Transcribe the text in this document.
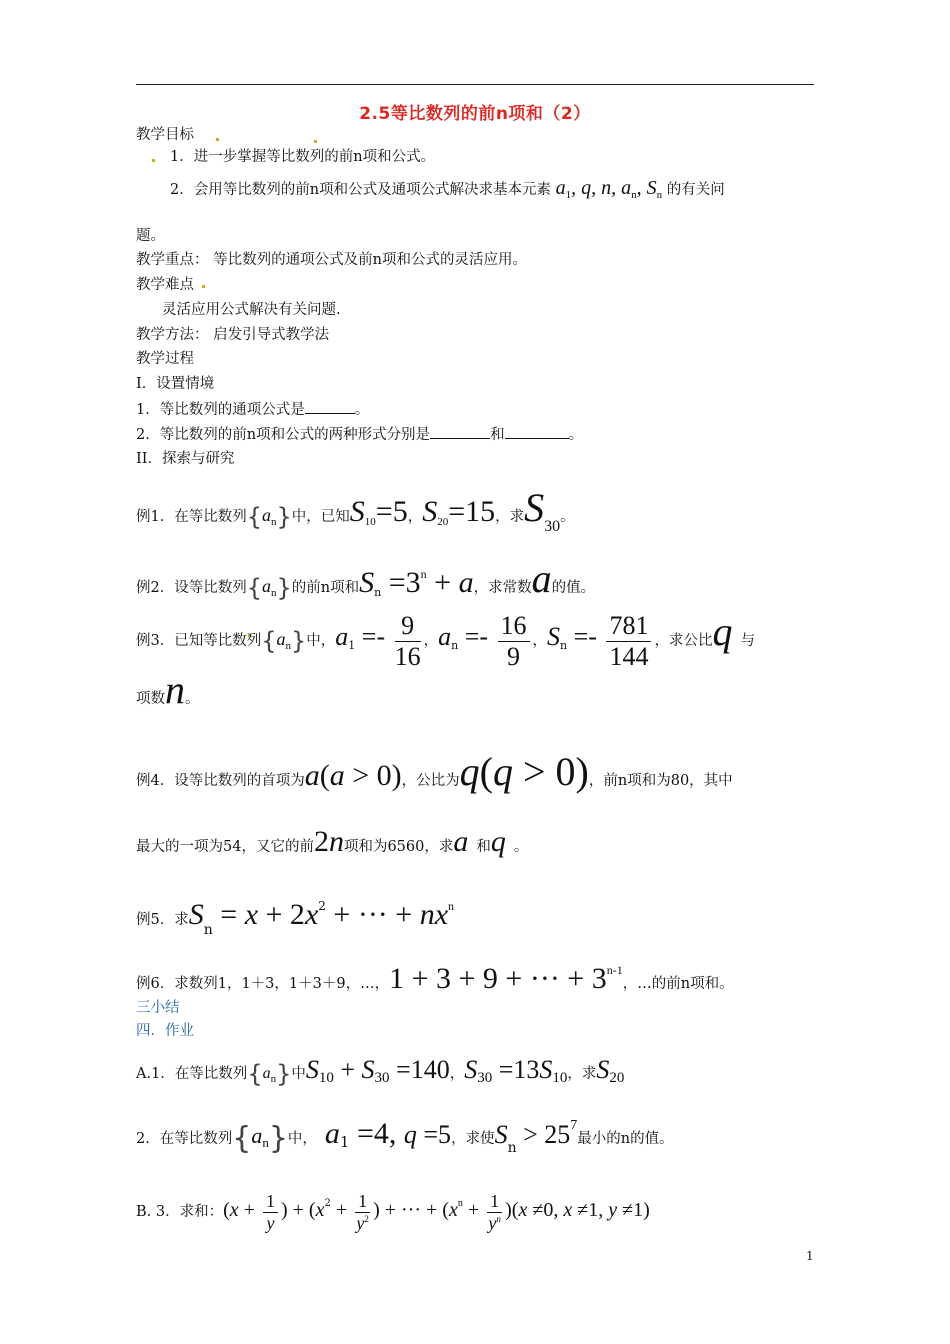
2.5等比数列的前n项和（2）
教学目标
1．进一步掌握等比数列的前n项和公式。
2．会用等比数列的前n项和公式及通项公式解决求基本元素 $a_1$, q, n, $a_n$, $S_n$ 的有关问
题。
教学重点： 等比数列的通项公式及前n项和公式的灵活应用。
教学难点
灵活应用公式解决有关问题.
教学方法： 启发引导式教学法
教学过程
I．设置情境
1．等比数列的通项公式是	。
2．等比数列的前n项和公式的两种形式分别是	和	。
II．探索与研究
例1．在等比数列$\{a_n\}$中，已知$S_{10}=5$，$S_{20}=15$，求$S_{30}$。
例2．设等比数列$\{a_n\}$的前n项和$S_n =3^n + a$，求常数a的值。
例3．已知等比数列$\{a_n\}$中，$a_1 =- \frac{9}{16}$ ，$a_n =- \frac{16}{9}$ ，$S_n =- \frac{781}{144}$ ，求公比q 与
项数n。
例4．设等比数列的首项为a(a > 0)，公比为q(q > 0)，前n项和为80，其中
最大的一项为54，又它的前2n项和为6560，求a 和q 。
例5．求$S_n = x + 2x^2$ + ··· + $nx^n$
例6．求数列1，1＋3，1＋3＋9，…，1 + 3 + 9 + ··· + $3^{n-1}$，…的前n项和。
三小结
四．作业
A.1．在等比数列$\{a_n\}$中$S_{10} + S_{30} =140$，$S_{30} =13S_{10}$，求$S_{20}$
2．在等比数列$\{a_n\}$中， $a_1 =4$, q =5，求使$S_n > 25^7$最小的n的值。
B. 3．求和：($x + \frac{1}{y}$ ) + ($x^2 + \frac{1}{y^2}$ ) + ··· + $(x^n + \frac{1}{y^n} )(x \ne 0$, x ≠1, y ≠1)
1
